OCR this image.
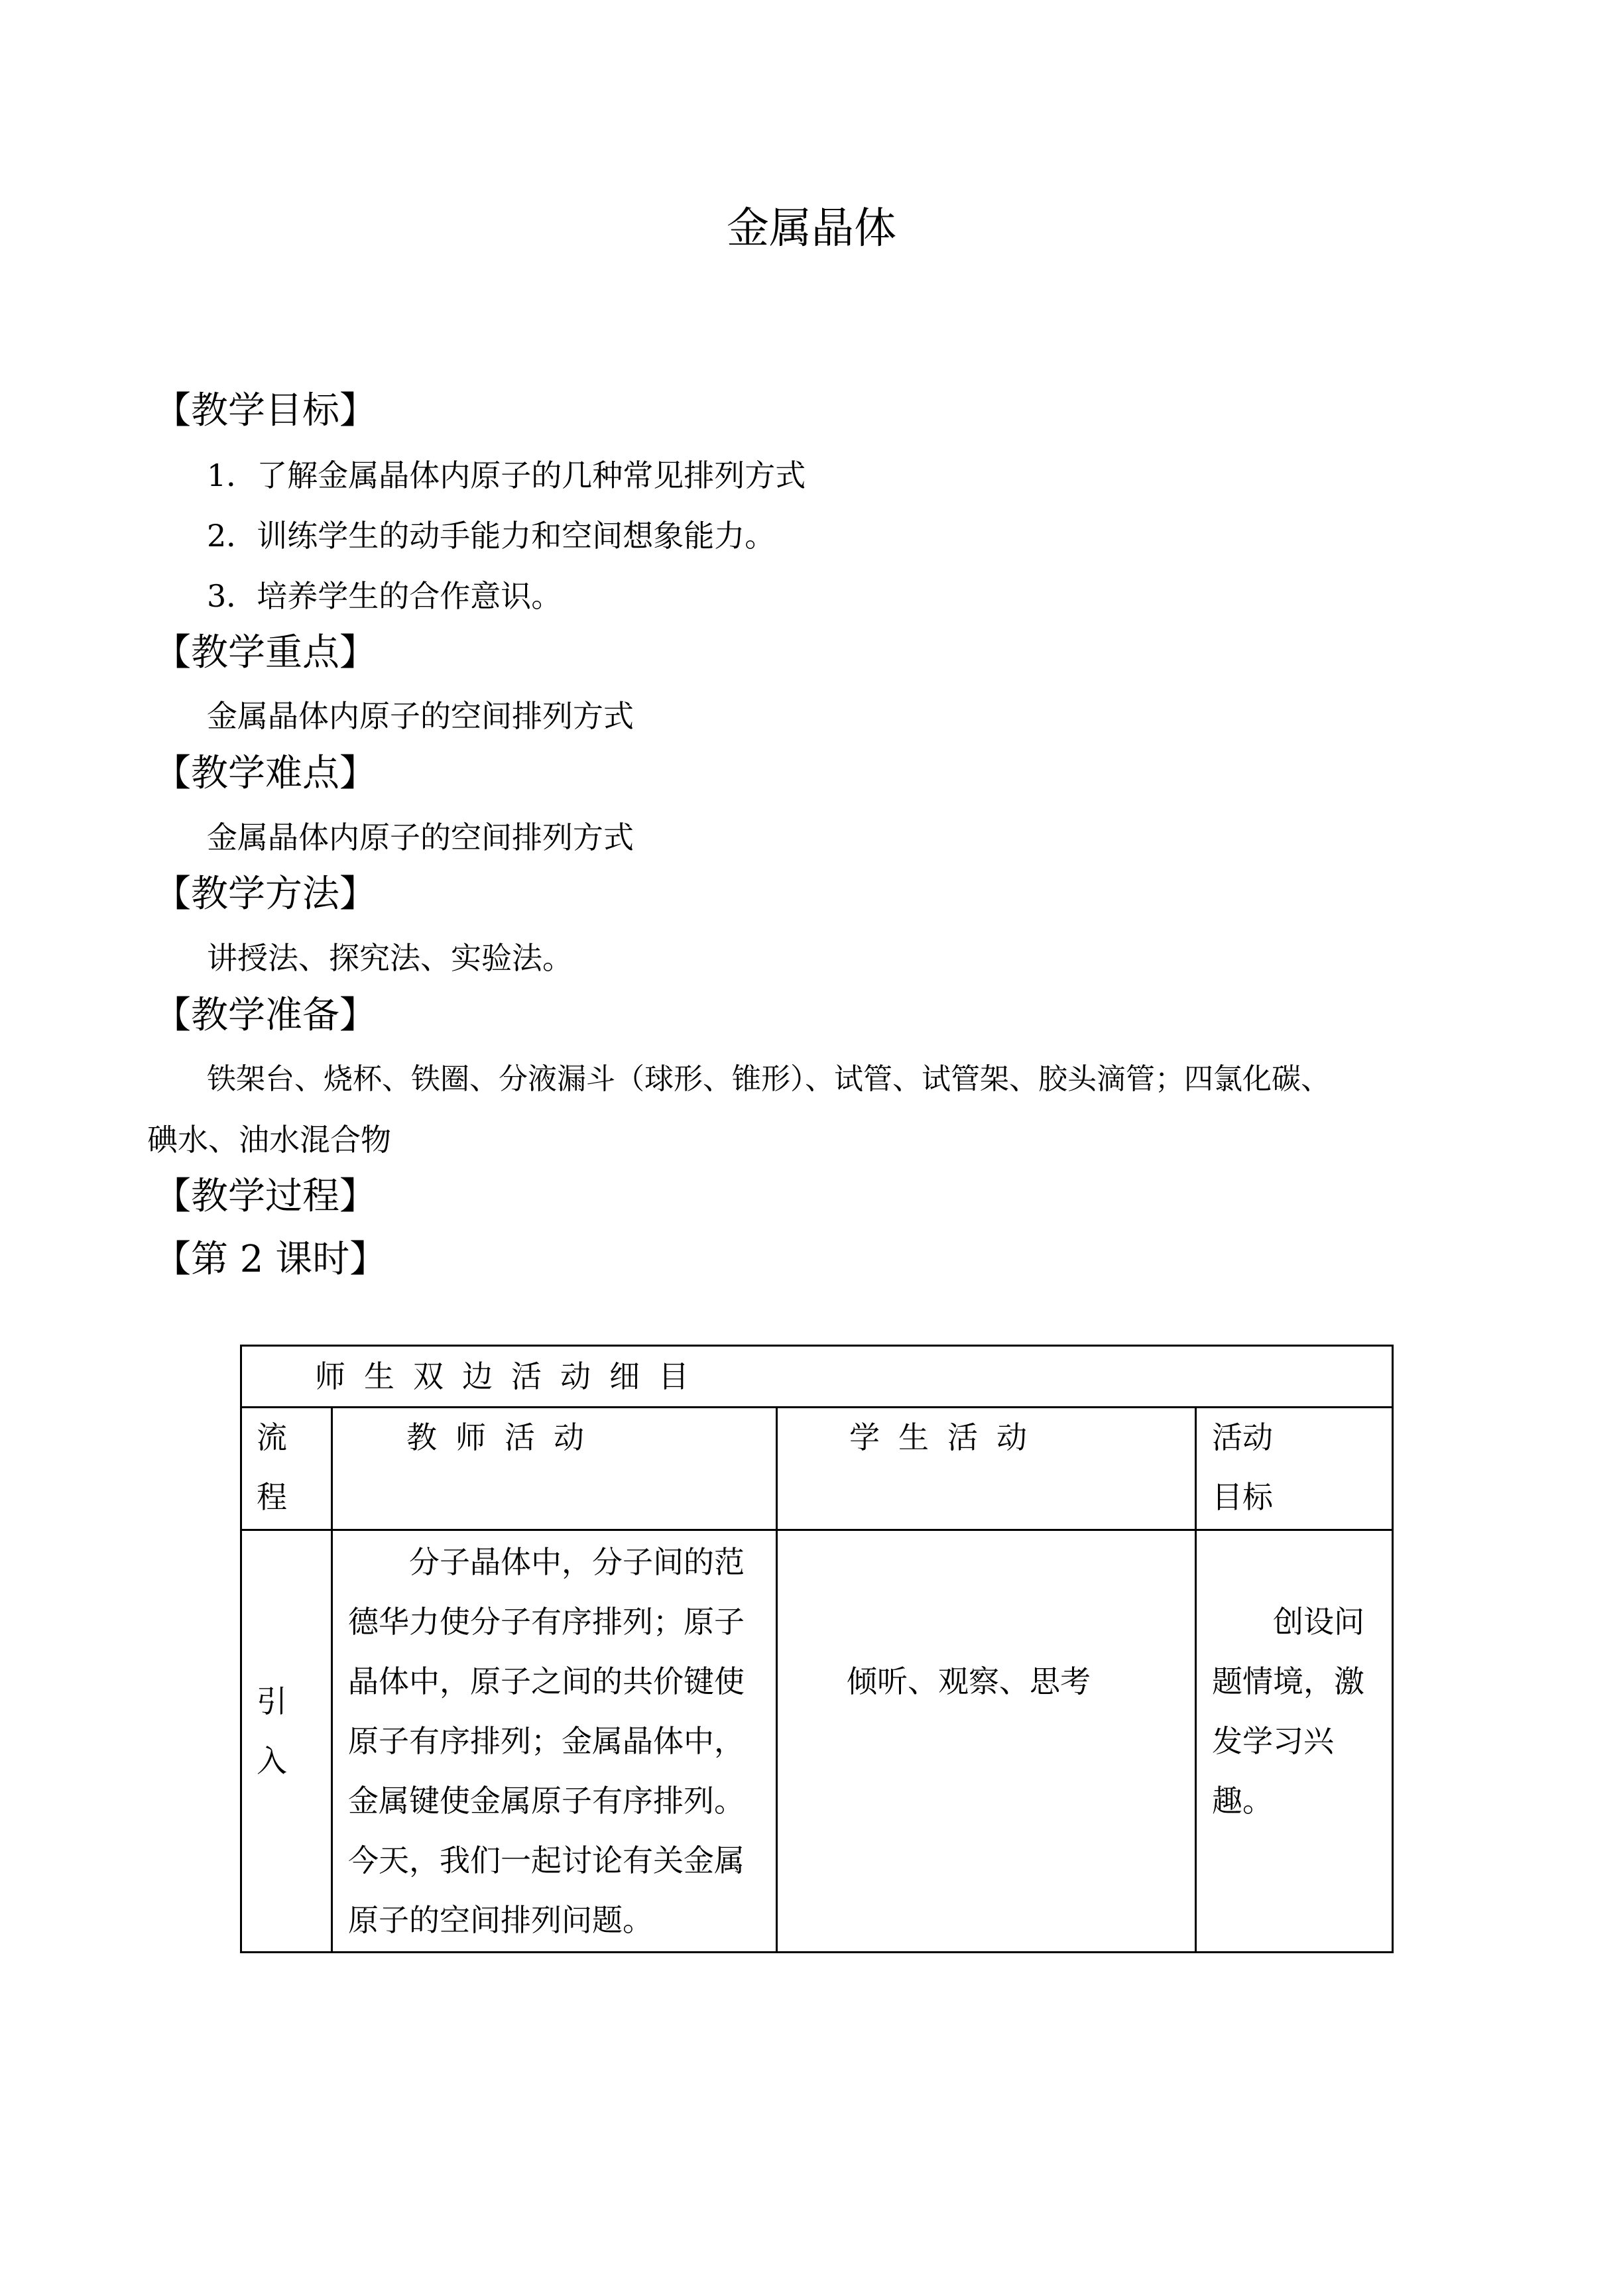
金属晶体
【教学目标】
1．了解金属晶体内原子的几种常见排列方式
2．训练学生的动手能力和空间想象能力。
3．培养学生的合作意识。
【教学重点】
金属晶体内原子的空间排列方式
【教学难点】
金属晶体内原子的空间排列方式
【教学方法】
讲授法、探究法、实验法。
【教学准备】
铁架台、烧杯、铁圈、分液漏斗（球形、锥形）、试管、试管架、胶头滴管；四氯化碳、
碘水、油水混合物
【教学过程】
【第 2 课时】
师生双边活动细目
流
程
教师活动	学生活动	活动
目标
引
入
分子晶体中，分子间的范德华力使分子有序排列；原子晶体中，原子之间的共价键使原子有序排列；金属晶体中，金属键使金属原子有序排列。今天，我们一起讨论有关金属原子的空间排列问题。
倾听、观察、思考
创设问题情境，激发学习兴趣。
